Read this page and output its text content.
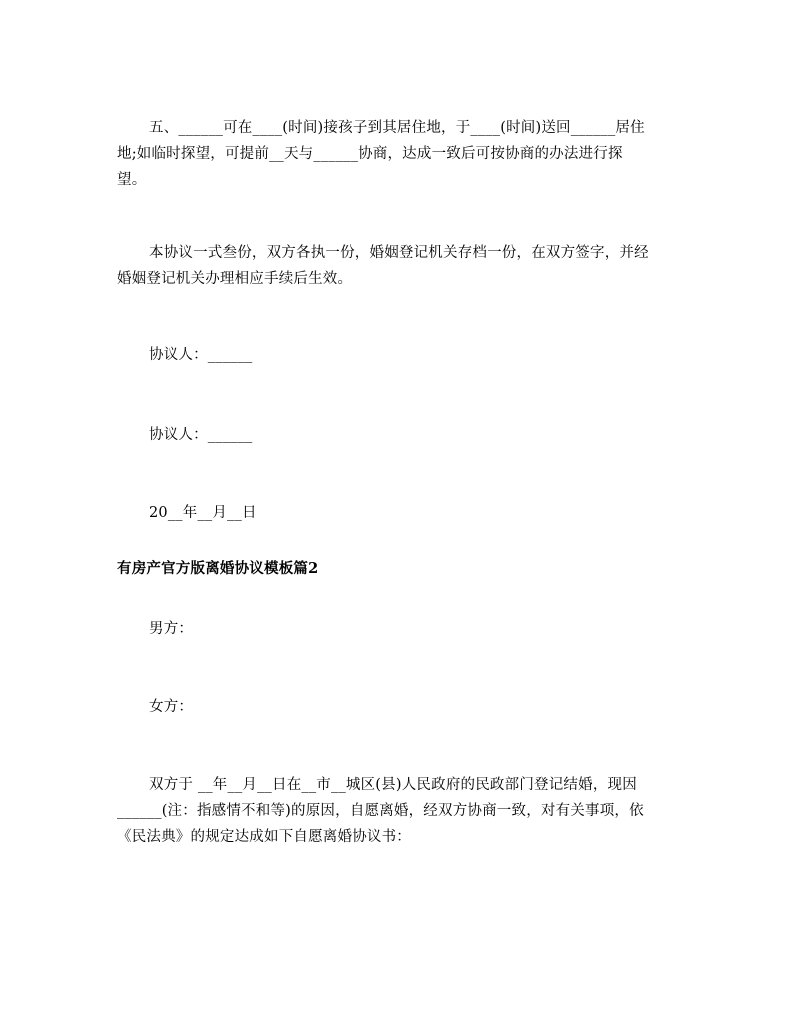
五、______可在____(时间)接孩子到其居住地，于____(时间)送回______居住

地;如临时探望，可提前__天与______协商，达成一致后可按协商的办法进行探

望。

本协议一式叁份，双方各执一份，婚姻登记机关存档一份，在双方签字，并经

婚姻登记机关办理相应手续后生效。

协议人：______

协议人：______

20__年__月__日

有房产官方版离婚协议模板篇2

男方：

女方：

双方于 __年__月__日在__市__城区(县)人民政府的民政部门登记结婚，现因

______(注：指感情不和等)的原因，自愿离婚，经双方协商一致，对有关事项，依

《民法典》的规定达成如下自愿离婚协议书：
